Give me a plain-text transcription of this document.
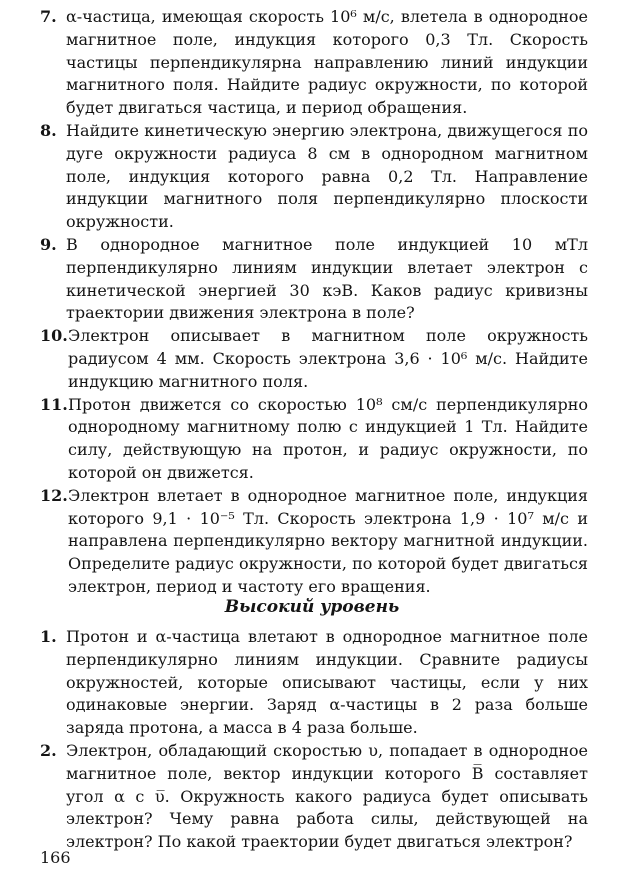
7. α-частица, имеющая скорость 10⁶ м/с, влетела в однородное магнитное поле, индукция которого 0,3 Тл. Скорость частицы перпендикулярна направлению линий индукции магнитного поля. Найдите радиус окружности, по которой будет двигаться частица, и период обращения.
8. Найдите кинетическую энергию электрона, движущегося по дуге окружности радиуса 8 см в однородном магнитном поле, индукция которого равна 0,2 Тл. Направление индукции магнитного поля перпендикулярно плоскости окружности.
9. В однородное магнитное поле индукцией 10 мТл перпендикулярно линиям индукции влетает электрон с кинетической энергией 30 кэВ. Каков радиус кривизны траектории движения электрона в поле?
10. Электрон описывает в магнитном поле окружность радиусом 4 мм. Скорость электрона 3,6 · 10⁶ м/с. Найдите индукцию магнитного поля.
11. Протон движется со скоростью 10⁸ см/с перпендикулярно однородному магнитному полю с индукцией 1 Тл. Найдите силу, действующую на протон, и радиус окружности, по которой он движется.
12. Электрон влетает в однородное магнитное поле, индукция которого 9,1 · 10⁻⁵ Тл. Скорость электрона 1,9 · 10⁷ м/с и направлена перпендикулярно вектору магнитной индукции. Определите радиус окружности, по которой будет двигаться электрон, период и частоту его вращения.
Высокий уровень
1. Протон и α-частица влетают в однородное магнитное поле перпендикулярно линиям индукции. Сравните радиусы окружностей, которые описывают частицы, если у них одинаковые энергии. Заряд α-частицы в 2 раза больше заряда протона, а масса в 4 раза больше.
2. Электрон, обладающий скоростью υ, попадает в однородное магнитное поле, вектор индукции которого B̅ составляет угол α с υ̅. Окружность какого радиуса будет описывать электрон? Чему равна работа силы, действующей на электрон? По какой траектории будет двигаться электрон?
166
